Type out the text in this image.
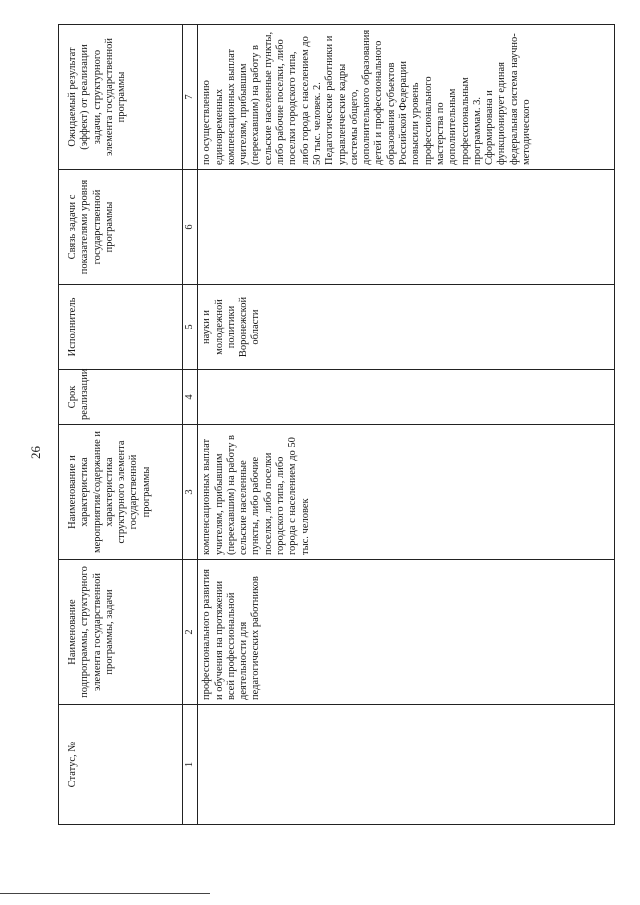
26
Статус, №	Наименование подпрограммы, структурного элемента государственной программы, задачи	Наименование и характеристика мероприятия/содержание и характеристика структурного элемента государственной программы	Срок реализации	Исполнитель	Связь задачи с показателями уровня государственной программы	Ожидаемый результат (эффект) от реализации задачи, структурного элемента государственной программы
1	2	3	4	5	6	7
	профессионального развития и обучения на протяжении всей профессиональной деятельности для педагогических работников	компенсационных выплат учителям, прибывшим (переехавшим) на работу в сельские населенные пункты, либо рабочие поселки, либо поселки городского типа, либо города с населением до 50 тыс. человек		науки и молодежной политики Воронежской области		по осуществлению единовременных компенсационных выплат учителям, прибывшим (переехавшим) на работу в сельские населенные пункты, либо рабочие поселки, либо поселки городского типа, либо города с населением до 50 тыс. человек. 2. Педагогические работники и управленческие кадры системы общего, дополнительного образования детей и профессионального образования субъектов Российской Федерации повысили уровень профессионального мастерства по дополнительным профессиональным программам. 3. Сформирована и функционирует единая федеральная система научно-методического
